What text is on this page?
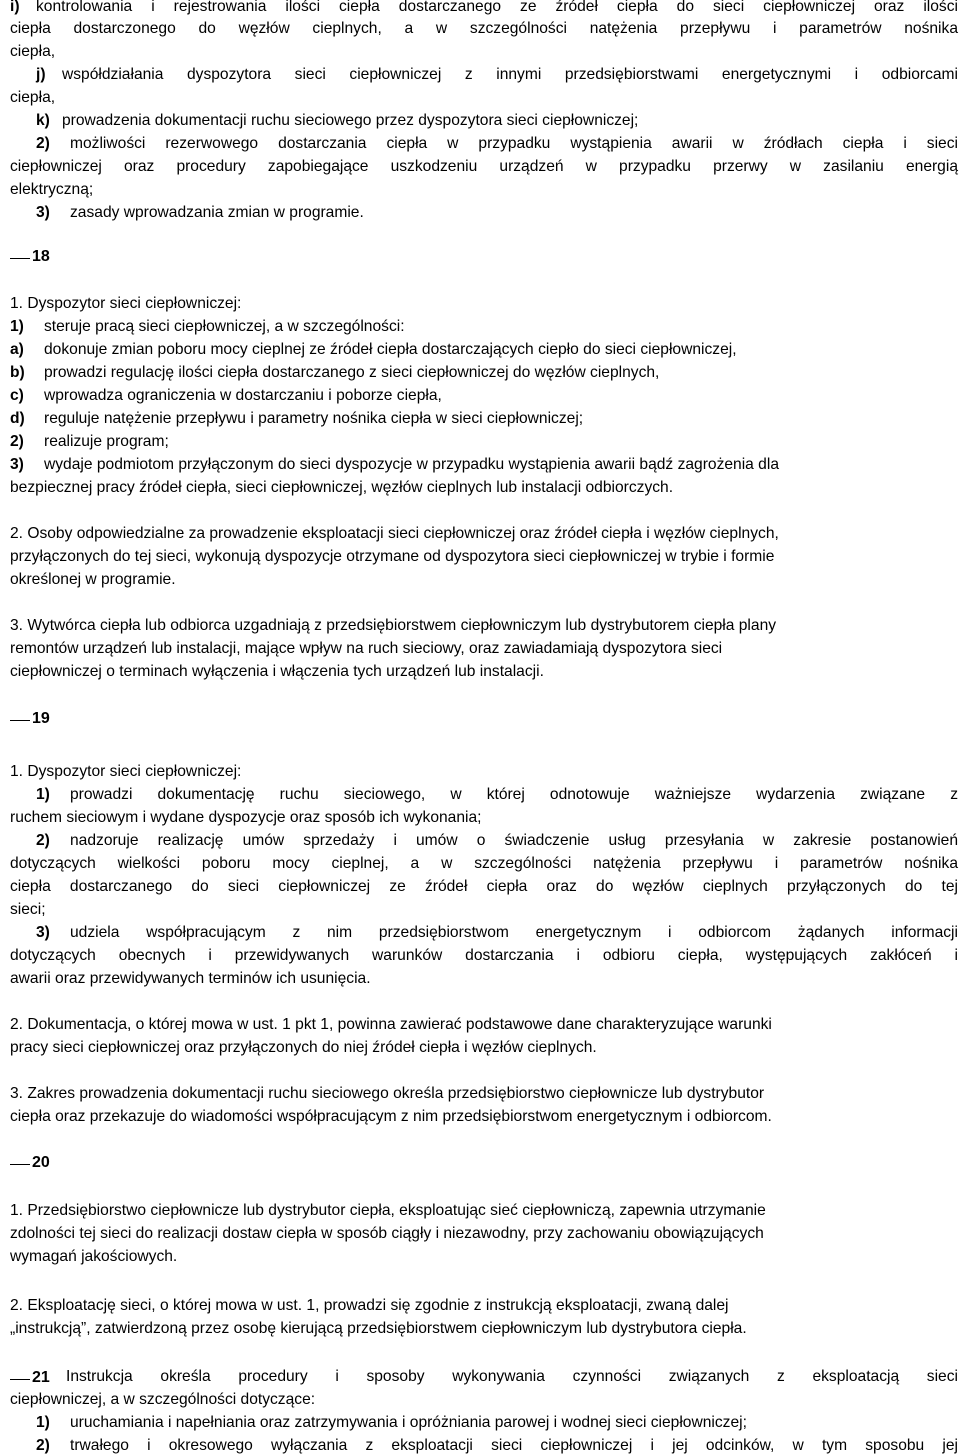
i) kontrolowania i rejestrowania ilości ciepła dostarczanego ze źródeł ciepła do sieci ciepłowniczej oraz ilości
ciepła dostarczonego do węzłów cieplnych, a w szczególności natężenia przepływu i parametrów nośnika
ciepła,
j) współdziałania dyspozytora sieci ciepłowniczej z innymi przedsiębiorstwami energetycznymi i odbiorcami
ciepła,
k) prowadzenia dokumentacji ruchu sieciowego przez dyspozytora sieci ciepłowniczej;
2) możliwości rezerwowego dostarczania ciepła w przypadku wystąpienia awarii w źródłach ciepła i sieci
ciepłowniczej oraz procedury zapobiegające uszkodzeniu urządzeń w przypadku przerwy w zasilaniu energią
elektryczną;
3) zasady wprowadzania zmian w programie.
18
1. Dyspozytor sieci ciepłowniczej:
1) steruje pracą sieci ciepłowniczej, a w szczególności:
a) dokonuje zmian poboru mocy cieplnej ze źródeł ciepła dostarczających ciepło do sieci ciepłowniczej,
b) prowadzi regulację ilości ciepła dostarczanego z sieci ciepłowniczej do węzłów cieplnych,
c) wprowadza ograniczenia w dostarczaniu i poborze ciepła,
d) reguluje natężenie przepływu i parametry nośnika ciepła w sieci ciepłowniczej;
2) realizuje program;
3) wydaje podmiotom przyłączonym do sieci dyspozycje w przypadku wystąpienia awarii bądź zagrożenia dla
bezpiecznej pracy źródeł ciepła, sieci ciepłowniczej, węzłów cieplnych lub instalacji odbiorczych.
2. Osoby odpowiedzialne za prowadzenie eksploatacji sieci ciepłowniczej oraz źródeł ciepła i węzłów cieplnych,
przyłączonych do tej sieci, wykonują dyspozycje otrzymane od dyspozytora sieci ciepłowniczej w trybie i formie
określonej w programie.
3. Wytwórca ciepła lub odbiorca uzgadniają z przedsiębiorstwem ciepłowniczym lub dystrybutorem ciepła plany
remontów urządzeń lub instalacji, mające wpływ na ruch sieciowy, oraz zawiadamiają dyspozytora sieci
ciepłowniczej o terminach wyłączenia i włączenia tych urządzeń lub instalacji.
19
1. Dyspozytor sieci ciepłowniczej:
1) prowadzi dokumentację ruchu sieciowego, w której odnotowuje ważniejsze wydarzenia związane z
ruchem sieciowym i wydane dyspozycje oraz sposób ich wykonania;
2) nadzoruje realizację umów sprzedaży i umów o świadczenie usług przesyłania w zakresie postanowień
dotyczących wielkości poboru mocy cieplnej, a w szczególności natężenia przepływu i parametrów nośnika
ciepła dostarczanego do sieci ciepłowniczej ze źródeł ciepła oraz do węzłów cieplnych przyłączonych do tej
sieci;
3) udziela współpracującym z nim przedsiębiorstwom energetycznym i odbiorcom żądanych informacji
dotyczących obecnych i przewidywanych warunków dostarczania i odbioru ciepła, występujących zakłóceń i
awarii oraz przewidywanych terminów ich usunięcia.
2. Dokumentacja, o której mowa w ust. 1 pkt 1, powinna zawierać podstawowe dane charakteryzujące warunki
pracy sieci ciepłowniczej oraz przyłączonych do niej źródeł ciepła i węzłów cieplnych.
3. Zakres prowadzenia dokumentacji ruchu sieciowego określa przedsiębiorstwo ciepłownicze lub dystrybutor
ciepła oraz przekazuje do wiadomości współpracującym z nim przedsiębiorstwom energetycznym i odbiorcom.
20
1. Przedsiębiorstwo ciepłownicze lub dystrybutor ciepła, eksploatując sieć ciepłowniczą, zapewnia utrzymanie
zdolności tej sieci do realizacji dostaw ciepła w sposób ciągły i niezawodny, przy zachowaniu obowiązujących
wymagań jakościowych.
2. Eksploatację sieci, o której mowa w ust. 1, prowadzi się zgodnie z instrukcją eksploatacji, zwaną dalej
„instrukcją”, zatwierdzoną przez osobę kierującą przedsiębiorstwem ciepłowniczym lub dystrybutora ciepła.
21 Instrukcja określa procedury i sposoby wykonywania czynności związanych z eksploatacją sieci
ciepłowniczej, a w szczególności dotyczące:
1) uruchamiania i napełniania oraz zatrzymywania i opróżniania parowej i wodnej sieci ciepłowniczej;
2) trwałego i okresowego wyłączania z eksploatacji sieci ciepłowniczej i jej odcinków, w tym sposobu jej
